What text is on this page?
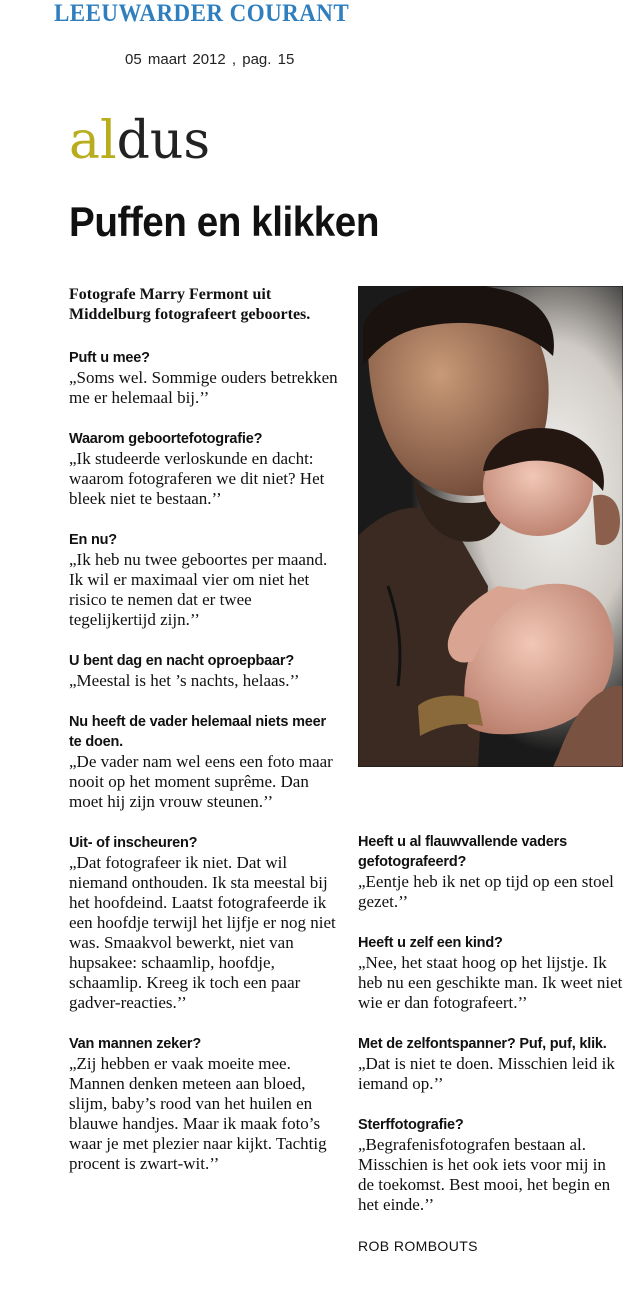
LEEUWARDER COURANT
05 maart 2012 , pag. 15
aldus
Puffen en klikken

Fotografe Marry Fermont uit Middelburg fotografeert geboortes.

Puft u mee?

„Soms wel. Sommige ouders betrekken me er helemaal bij.’’

Waarom geboortefotografie?

„Ik studeerde verloskunde en dacht: waarom fotograferen we dit niet? Het bleek niet te bestaan.’’

En nu?

„Ik heb nu twee geboortes per maand. Ik wil er maximaal vier om niet het risico te nemen dat er twee tegelijkertijd zijn.’’

U bent dag en nacht oproepbaar?

„Meestal is het ’s nachts, helaas.’’

Nu heeft de vader helemaal niets meer te doen.

„De vader nam wel eens een foto maar nooit op het moment suprême. Dan moet hij zijn vrouw steunen.’’

Uit- of inscheuren?

„Dat fotografeer ik niet. Dat wil niemand onthouden. Ik sta meestal bij het hoofdeind. Laatst fotografeerde ik een hoofdje terwijl het lijfje er nog niet was. Smaakvol bewerkt, niet van hupsakee: schaamlip, hoofdje, schaamlip. Kreeg ik toch een paar gadver-reacties.’’

Van mannen zeker?

„Zij hebben er vaak moeite mee. Mannen denken meteen aan bloed, slijm, baby’s rood van het huilen en blauwe handjes. Maar ik maak foto’s waar je met plezier naar kijkt. Tachtig procent is zwart-wit.’’

Heeft u al flauwvallende vaders gefotografeerd?

„Eentje heb ik net op tijd op een stoel gezet.’’

Heeft u zelf een kind?

„Nee, het staat hoog op het lijstje. Ik heb nu een geschikte man. Ik weet niet wie er dan fotografeert.’’

Met de zelfontspanner? Puf, puf, klik.

„Dat is niet te doen. Misschien leid ik iemand op.’’

Sterffotografie?

„Begrafenisfotografen bestaan al. Misschien is het ook iets voor mij in de toekomst. Best mooi, het begin en het einde.’’

ROB ROMBOUTS
